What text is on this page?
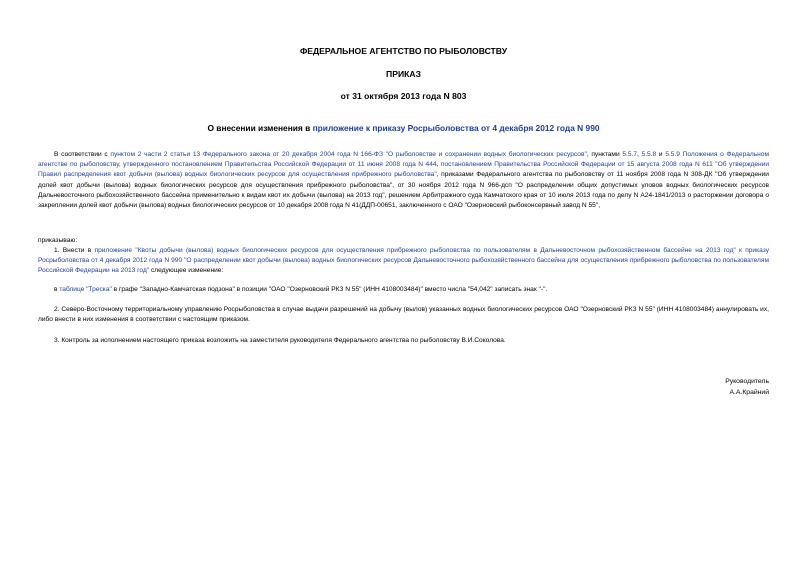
ФЕДЕРАЛЬНОЕ АГЕНТСТВО ПО РЫБОЛОВСТВУ
ПРИКАЗ
от 31 октября 2013 года N 803
О внесении изменения в приложение к приказу Росрыболовства от 4 декабря 2012 года N 990
В соответствии с пунктом 2 части 2 статьи 13 Федерального закона от 20 декабря 2004 года N 166-ФЗ "О рыболовстве и сохранении водных биологических ресурсов", пунктами 5.5.7, 5.5.8 и 5.5.9 Положения о Федеральном агентстве по рыболовству, утвержденного постановлением Правительства Российской Федерации от 11 июня 2008 года N 444, постановлением Правительства Российской Федерации от 15 августа 2008 года N 611 "Об утверждении Правил распределения квот добычи (вылова) водных биологических ресурсов для осуществления прибрежного рыболовства", приказами Федерального агентства по рыболовству от 11 ноября 2008 года N 308-ДК "Об утверждении долей квот добычи (вылова) водных биологических ресурсов для осуществления прибрежного рыболовства", от 30 ноября 2012 года N 966-дсп "О распределении общих допустимых уловов водных биологических ресурсов Дальневосточного рыбохозяйственного бассейна применительно к видам квот их добычи (вылова) на 2013 год", решением Арбитражного суда Камчатского края от 10 июля 2013 года по делу N А24-1841/2013 о расторжении договора о закреплении долей квот добычи (вылова) водных биологических ресурсов от 10 декабря 2008 года N 41(ДДП-00651, заключенного с ОАО "Озерновский рыбоконсервный завод N 55",
приказываю:
1. Внести в приложение "Квоты добычи (вылова) водных биологических ресурсов для осуществления прибрежного рыболовства по пользователям в Дальневосточном рыбохозяйственном бассейне на 2013 год" к приказу Росрыболовства от 4 декабря 2012 года N 990 "О распределении квот добычи (вылова) водных биологических ресурсов Дальневосточного рыбохозяйственного бассейна для осуществления прибрежного рыболовства по пользователям Российской Федерации на 2013 год" следующее изменение:
в таблице "Треска" в графе "Западно-Камчатская подзона" в позиции "ОАО "Озерновский РКЗ N 55" (ИНН 4108003484)" вместо числа "54,042" записать знак "-".
2. Северо-Восточному территориальному управлению Росрыболовства в случае выдачи разрешений на добычу (вылов) указанных водных биологических ресурсов ОАО "Озерновский РКЗ N 55" (ИНН 4108003484) аннулировать их, либо внести в них изменения в соответствии с настоящим приказом.
3. Контроль за исполнением настоящего приказа возложить на заместителя руководителя Федерального агентства по рыболовству В.И.Соколова.
Руководитель
А.А.Крайний
